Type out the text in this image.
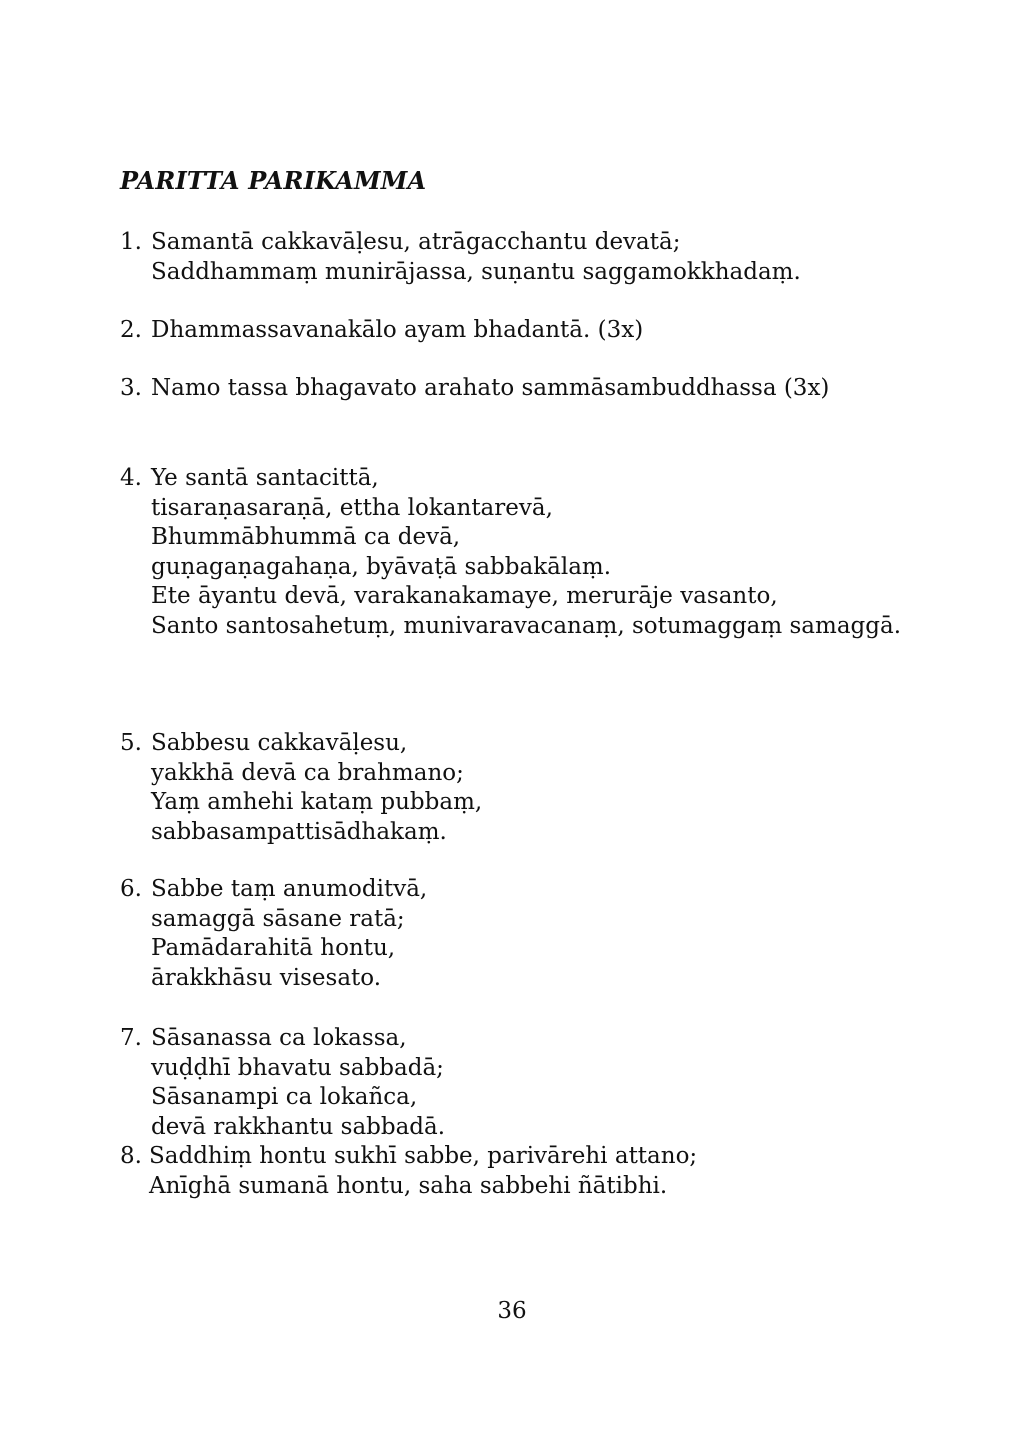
PARITTA PARIKAMMA
1. Samantā cakkavāḷesu, atrāgacchantu devatā;
Saddhammaṃ munirājassa, suṇantu saggamokkhadaṃ.
2. Dhammassavanakālo ayam bhadantā. (3x)
3. Namo tassa bhagavato arahato sammāsambuddhassa (3x)
4. Ye santā santacittā,
tisaraṇasaraṇā, ettha lokantarevā,
Bhummābhummā ca devā,
guṇagaṇagahaṇa, byāvaṭā sabbakālaṃ.
Ete āyantu devā, varakanakamaye, merurāje vasanto,
Santo santosahetuṃ, munivaravacanaṃ, sotumaggaṃ samaggā.
5. Sabbesu cakkavāḷesu,
yakkhā devā ca brahmano;
Yaṃ amhehi kataṃ pubbaṃ,
sabbasampattisādhakaṃ.
6. Sabbe taṃ anumoditvā,
samaggā sāsane ratā;
Pamādarahitā hontu,
ārakkhāsu visesato.
7. Sāsanassa ca lokassa,
vuḍḍhī bhavatu sabbadā;
Sāsanampi ca lokañca,
devā rakkhantu sabbadā.
8. Saddhiṃ hontu sukhī sabbe, parivārehi attano;
Anīghā sumanā hontu, saha sabbehi ñātibhi.
36
